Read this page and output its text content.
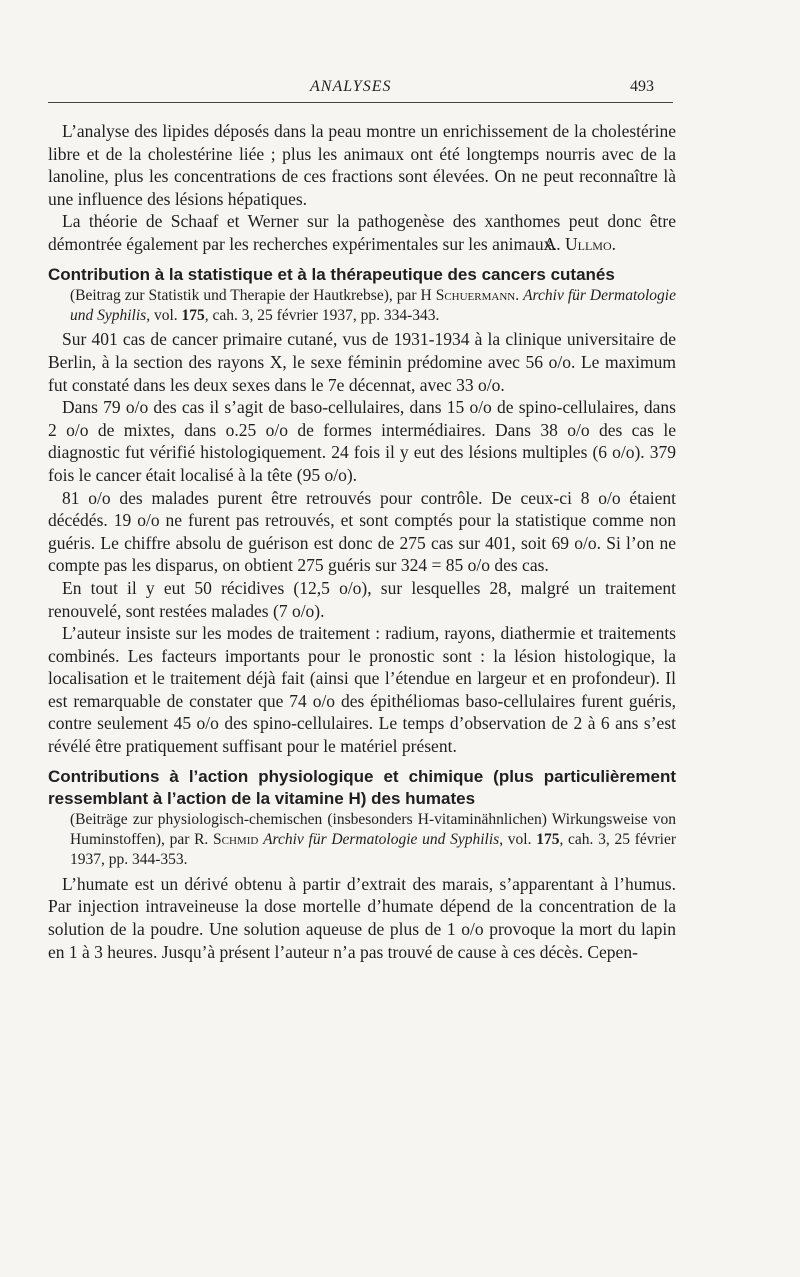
ANALYSES	493

L’analyse des lipides déposés dans la peau montre un enrichissement de la cholestérine libre et de la cholestérine liée ; plus les animaux ont été longtemps nourris avec de la lanoline, plus les concentrations de ces fractions sont élevées. On ne peut reconnaître là une influence des lésions hépatiques.

La théorie de Schaaf et Werner sur la pathogenèse des xanthomes peut donc être démontrée également par les recherches expérimentales sur les animaux.

A. Ullmo.

Contribution à la statistique et à la thérapeutique des cancers cutanés
(Beitrag zur Statistik und Therapie der Hautkrebse), par H Schuermann. Archiv für Dermatologie und Syphilis, vol. 175, cah. 3, 25 février 1937, pp. 334-343.

Sur 401 cas de cancer primaire cutané, vus de 1931-1934 à la clinique universitaire de Berlin, à la section des rayons X, le sexe féminin prédomine avec 56 o/o. Le maximum fut constaté dans les deux sexes dans le 7e décennat, avec 33 o/o.

Dans 79 o/o des cas il s’agit de baso-cellulaires, dans 15 o/o de spino-cellulaires, dans 2 o/o de mixtes, dans o.25 o/o de formes intermédiaires. Dans 38 o/o des cas le diagnostic fut vérifié histologiquement. 24 fois il y eut des lésions multiples (6 o/o). 379 fois le cancer était localisé à la tête (95 o/o).

81 o/o des malades purent être retrouvés pour contrôle. De ceux-ci 8 o/o étaient décédés. 19 o/o ne furent pas retrouvés, et sont comptés pour la statistique comme non guéris. Le chiffre absolu de guérison est donc de 275 cas sur 401, soit 69 o/o. Si l’on ne compte pas les disparus, on obtient 275 guéris sur 324 = 85 o/o des cas.

En tout il y eut 50 récidives (12,5 o/o), sur lesquelles 28, malgré un traitement renouvelé, sont restées malades (7 o/o).

L’auteur insiste sur les modes de traitement : radium, rayons, diathermie et traitements combinés. Les facteurs importants pour le pronostic sont : la lésion histologique, la localisation et le traitement déjà fait (ainsi que l’étendue en largeur et en profondeur). Il est remarquable de constater que 74 o/o des épithéliomas baso-cellulaires furent guéris, contre seulement 45 o/o des spino-cellulaires. Le temps d’observation de 2 à 6 ans s’est révélé être pratiquement suffisant pour le matériel présent.

Contributions à l’action physiologique et chimique (plus particulièrement ressemblant à l’action de la vitamine H) des humates
(Beiträge zur physiologisch-chemischen (insbesonders H-vitaminähnlichen) Wirkungsweise von Huminstoffen), par R. Schmid Archiv für Dermatologie und Syphilis, vol. 175, cah. 3, 25 février 1937, pp. 344-353.

L’humate est un dérivé obtenu à partir d’extrait des marais, s’apparentant à l’humus. Par injection intraveineuse la dose mortelle d’humate dépend de la concentration de la solution de la poudre. Une solution aqueuse de plus de 1 o/o provoque la mort du lapin en 1 à 3 heures. Jusqu’à présent l’auteur n’a pas trouvé de cause à ces décès. Cepen-
